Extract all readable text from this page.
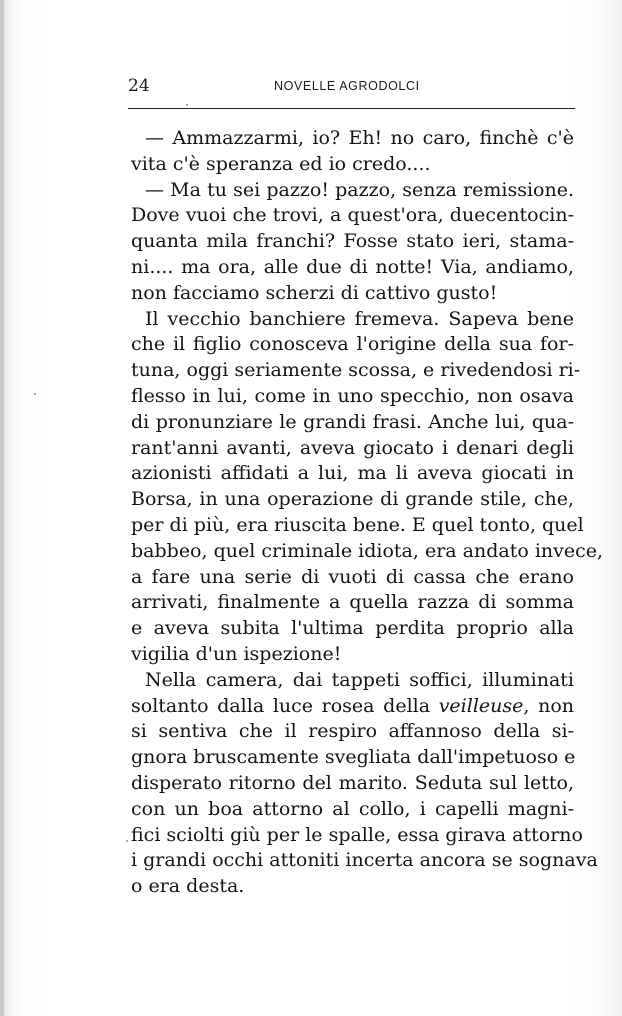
24	NOVELLE AGRODOLCI
— Ammazzarmi, io? Eh! no caro, finchè c'è
vita c'è speranza ed io credo....
— Ma tu sei pazzo! pazzo, senza remissione.
Dove vuoi che trovi, a quest'ora, duecentocin-
quanta mila franchi? Fosse stato ieri, stama-
ni.... ma ora, alle due di notte! Via, andiamo,
non facciamo scherzi di cattivo gusto!
Il vecchio banchiere fremeva. Sapeva bene
che il figlio conosceva l'origine della sua for-
tuna, oggi seriamente scossa, e rivedendosi ri-
flesso in lui, come in uno specchio, non osava
di pronunziare le grandi frasi. Anche lui, qua-
rant'anni avanti, aveva giocato i denari degli
azionisti affidati a lui, ma li aveva giocati in
Borsa, in una operazione di grande stile, che,
per di più, era riuscita bene. E quel tonto, quel
babbeo, quel criminale idiota, era andato invece,
a fare una serie di vuoti di cassa che erano
arrivati, finalmente a quella razza di somma
e aveva subita l'ultima perdita proprio alla
vigilia d'un ispezione!
Nella camera, dai tappeti soffici, illuminati
soltanto dalla luce rosea della veilleuse, non
si sentiva che il respiro affannoso della si-
gnora bruscamente svegliata dall'impetuoso e
disperato ritorno del marito. Seduta sul letto,
con un boa attorno al collo, i capelli magni-
fici sciolti giù per le spalle, essa girava attorno
i grandi occhi attoniti incerta ancora se sognava
o era desta.
